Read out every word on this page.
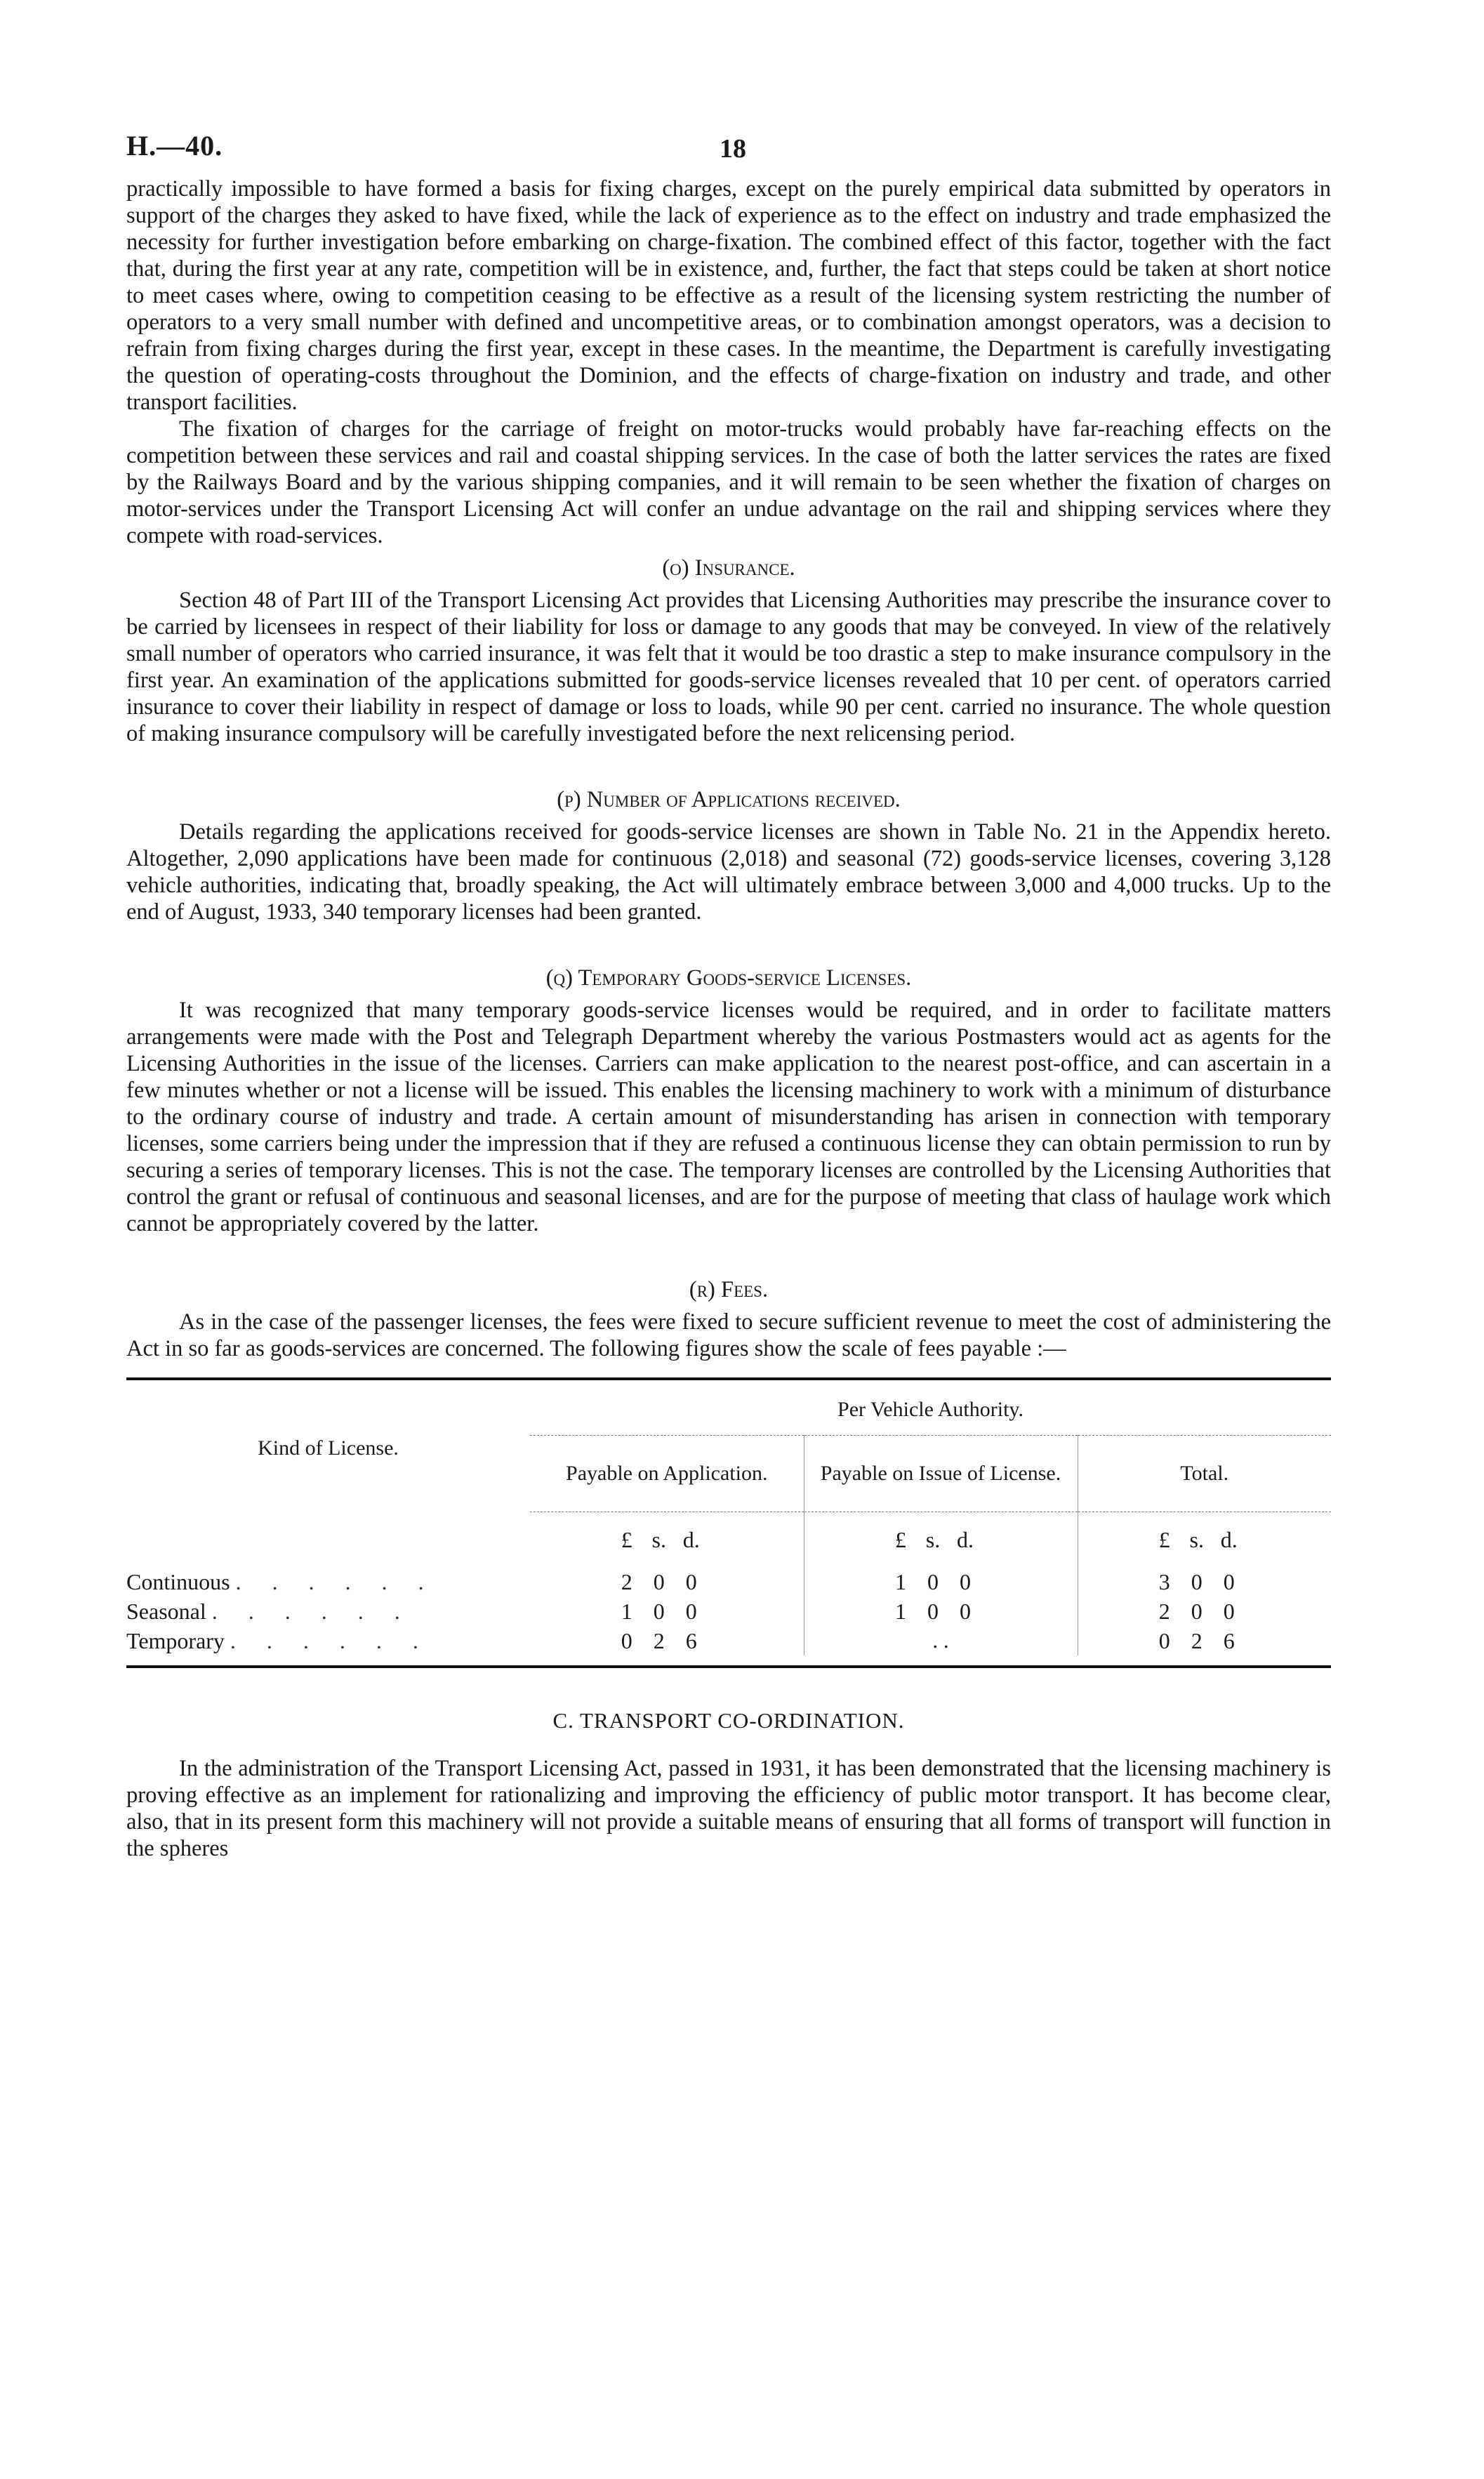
H.—40.	18

practically impossible to have formed a basis for fixing charges, except on the purely empirical data submitted by operators in support of the charges they asked to have fixed, while the lack of experience as to the effect on industry and trade emphasized the necessity for further investigation before embarking on charge-fixation. The combined effect of this factor, together with the fact that, during the first year at any rate, competition will be in existence, and, further, the fact that steps could be taken at short notice to meet cases where, owing to competition ceasing to be effective as a result of the licensing system restricting the number of operators to a very small number with defined and uncompetitive areas, or to combination amongst operators, was a decision to refrain from fixing charges during the first year, except in these cases. In the meantime, the Department is carefully investigating the question of operating-costs throughout the Dominion, and the effects of charge-fixation on industry and trade, and other transport facilities.

The fixation of charges for the carriage of freight on motor-trucks would probably have far-reaching effects on the competition between these services and rail and coastal shipping services. In the case of both the latter services the rates are fixed by the Railways Board and by the various shipping companies, and it will remain to be seen whether the fixation of charges on motor-services under the Transport Licensing Act will confer an undue advantage on the rail and shipping services where they compete with road-services.

(o) Insurance.

Section 48 of Part III of the Transport Licensing Act provides that Licensing Authorities may prescribe the insurance cover to be carried by licensees in respect of their liability for loss or damage to any goods that may be conveyed. In view of the relatively small number of operators who carried insurance, it was felt that it would be too drastic a step to make insurance compulsory in the first year. An examination of the applications submitted for goods-service licenses revealed that 10 per cent. of operators carried insurance to cover their liability in respect of damage or loss to loads, while 90 per cent. carried no insurance. The whole question of making insurance compulsory will be carefully investigated before the next relicensing period.

(p) Number of Applications received.

Details regarding the applications received for goods-service licenses are shown in Table No. 21 in the Appendix hereto. Altogether, 2,090 applications have been made for continuous (2,018) and seasonal (72) goods-service licenses, covering 3,128 vehicle authorities, indicating that, broadly speaking, the Act will ultimately embrace between 3,000 and 4,000 trucks. Up to the end of August, 1933, 340 temporary licenses had been granted.

(q) Temporary Goods-service Licenses.

It was recognized that many temporary goods-service licenses would be required, and in order to facilitate matters arrangements were made with the Post and Telegraph Department whereby the various Postmasters would act as agents for the Licensing Authorities in the issue of the licenses. Carriers can make application to the nearest post-office, and can ascertain in a few minutes whether or not a license will be issued. This enables the licensing machinery to work with a minimum of disturbance to the ordinary course of industry and trade. A certain amount of misunderstanding has arisen in connection with temporary licenses, some carriers being under the impression that if they are refused a continuous license they can obtain permission to run by securing a series of temporary licenses. This is not the case. The temporary licenses are controlled by the Licensing Authorities that control the grant or refusal of continuous and seasonal licenses, and are for the purpose of meeting that class of haulage work which cannot be appropriately covered by the latter.

(r) Fees.

As in the case of the passenger licenses, the fees were fixed to secure sufficient revenue to meet the cost of administering the Act in so far as goods-services are concerned. The following figures show the scale of fees payable :—

Kind of License.	Per Vehicle Authority.		
	Payable on Application.	Payable on Issue of License.	Total.
	£ s. d.	£ s. d.	£ s. d.
Continuous . . . . . .	2 0 0	1 0 0	3 0 0
Seasonal . . . . . .	1 0 0	1 0 0	2 0 0
Temporary . . . . . .	0 2 6	. .	0 2 6
C. TRANSPORT CO-ORDINATION.

In the administration of the Transport Licensing Act, passed in 1931, it has been demonstrated that the licensing machinery is proving effective as an implement for rationalizing and improving the efficiency of public motor transport. It has become clear, also, that in its present form this machinery will not provide a suitable means of ensuring that all forms of transport will function in the spheres
